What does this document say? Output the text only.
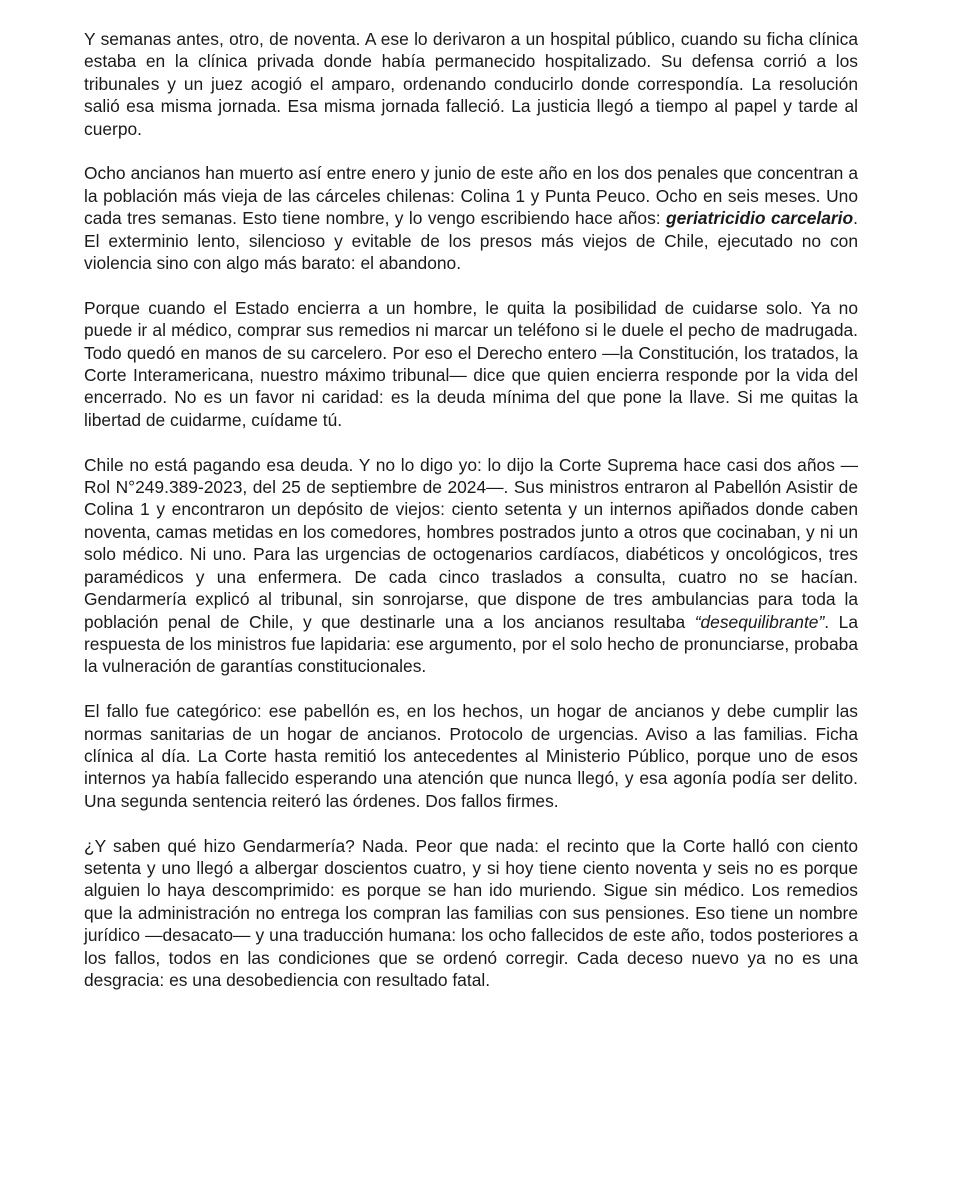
Y semanas antes, otro, de noventa. A ese lo derivaron a un hospital público, cuando su ficha clínica estaba en la clínica privada donde había permanecido hospitalizado. Su defensa corrió a los tribunales y un juez acogió el amparo, ordenando conducirlo donde correspondía. La resolución salió esa misma jornada. Esa misma jornada falleció. La justicia llegó a tiempo al papel y tarde al cuerpo.

Ocho ancianos han muerto así entre enero y junio de este año en los dos penales que concentran a la población más vieja de las cárceles chilenas: Colina 1 y Punta Peuco. Ocho en seis meses. Uno cada tres semanas. Esto tiene nombre, y lo vengo escribiendo hace años: geriatricidio carcelario. El exterminio lento, silencioso y evitable de los presos más viejos de Chile, ejecutado no con violencia sino con algo más barato: el abandono.

Porque cuando el Estado encierra a un hombre, le quita la posibilidad de cuidarse solo. Ya no puede ir al médico, comprar sus remedios ni marcar un teléfono si le duele el pecho de madrugada. Todo quedó en manos de su carcelero. Por eso el Derecho entero —la Constitución, los tratados, la Corte Interamericana, nuestro máximo tribunal— dice que quien encierra responde por la vida del encerrado. No es un favor ni caridad: es la deuda mínima del que pone la llave. Si me quitas la libertad de cuidarme, cuídame tú.

Chile no está pagando esa deuda. Y no lo digo yo: lo dijo la Corte Suprema hace casi dos años —Rol N°249.389-2023, del 25 de septiembre de 2024—. Sus ministros entraron al Pabellón Asistir de Colina 1 y encontraron un depósito de viejos: ciento setenta y un internos apiñados donde caben noventa, camas metidas en los comedores, hombres postrados junto a otros que cocinaban, y ni un solo médico. Ni uno. Para las urgencias de octogenarios cardíacos, diabéticos y oncológicos, tres paramédicos y una enfermera. De cada cinco traslados a consulta, cuatro no se hacían. Gendarmería explicó al tribunal, sin sonrojarse, que dispone de tres ambulancias para toda la población penal de Chile, y que destinarle una a los ancianos resultaba “desequilibrante”. La respuesta de los ministros fue lapidaria: ese argumento, por el solo hecho de pronunciarse, probaba la vulneración de garantías constitucionales.

El fallo fue categórico: ese pabellón es, en los hechos, un hogar de ancianos y debe cumplir las normas sanitarias de un hogar de ancianos. Protocolo de urgencias. Aviso a las familias. Ficha clínica al día. La Corte hasta remitió los antecedentes al Ministerio Público, porque uno de esos internos ya había fallecido esperando una atención que nunca llegó, y esa agonía podía ser delito. Una segunda sentencia reiteró las órdenes. Dos fallos firmes.

¿Y saben qué hizo Gendarmería? Nada. Peor que nada: el recinto que la Corte halló con ciento setenta y uno llegó a albergar doscientos cuatro, y si hoy tiene ciento noventa y seis no es porque alguien lo haya descomprimido: es porque se han ido muriendo. Sigue sin médico. Los remedios que la administración no entrega los compran las familias con sus pensiones. Eso tiene un nombre jurídico —desacato— y una traducción humana: los ocho fallecidos de este año, todos posteriores a los fallos, todos en las condiciones que se ordenó corregir. Cada deceso nuevo ya no es una desgracia: es una desobediencia con resultado fatal.
